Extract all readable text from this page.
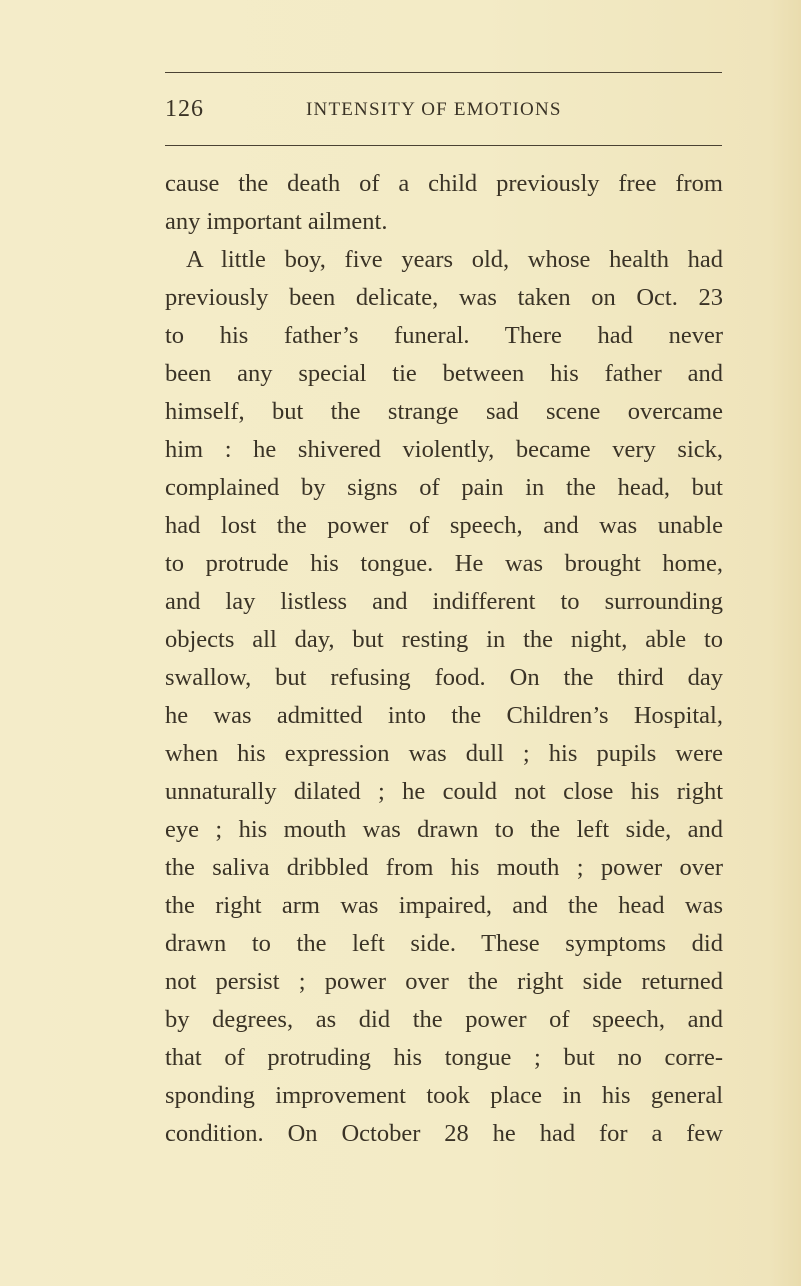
126	INTENSITY OF EMOTIONS
cause the death of a child previously free from
any important ailment.
A little boy, five years old, whose health had
previously been delicate, was taken on Oct. 23
to his father’s funeral. There had never
been any special tie between his father and
himself, but the strange sad scene overcame
him : he shivered violently, became very sick,
complained by signs of pain in the head, but
had lost the power of speech, and was unable
to protrude his tongue. He was brought home,
and lay listless and indifferent to surrounding
objects all day, but resting in the night, able to
swallow, but refusing food. On the third day
he was admitted into the Children’s Hospital,
when his expression was dull ; his pupils were
unnaturally dilated ; he could not close his right
eye ; his mouth was drawn to the left side, and
the saliva dribbled from his mouth ; power over
the right arm was impaired, and the head was
drawn to the left side. These symptoms did
not persist ; power over the right side returned
by degrees, as did the power of speech, and
that of protruding his tongue ; but no corre-
sponding improvement took place in his general
condition. On October 28 he had for a few
